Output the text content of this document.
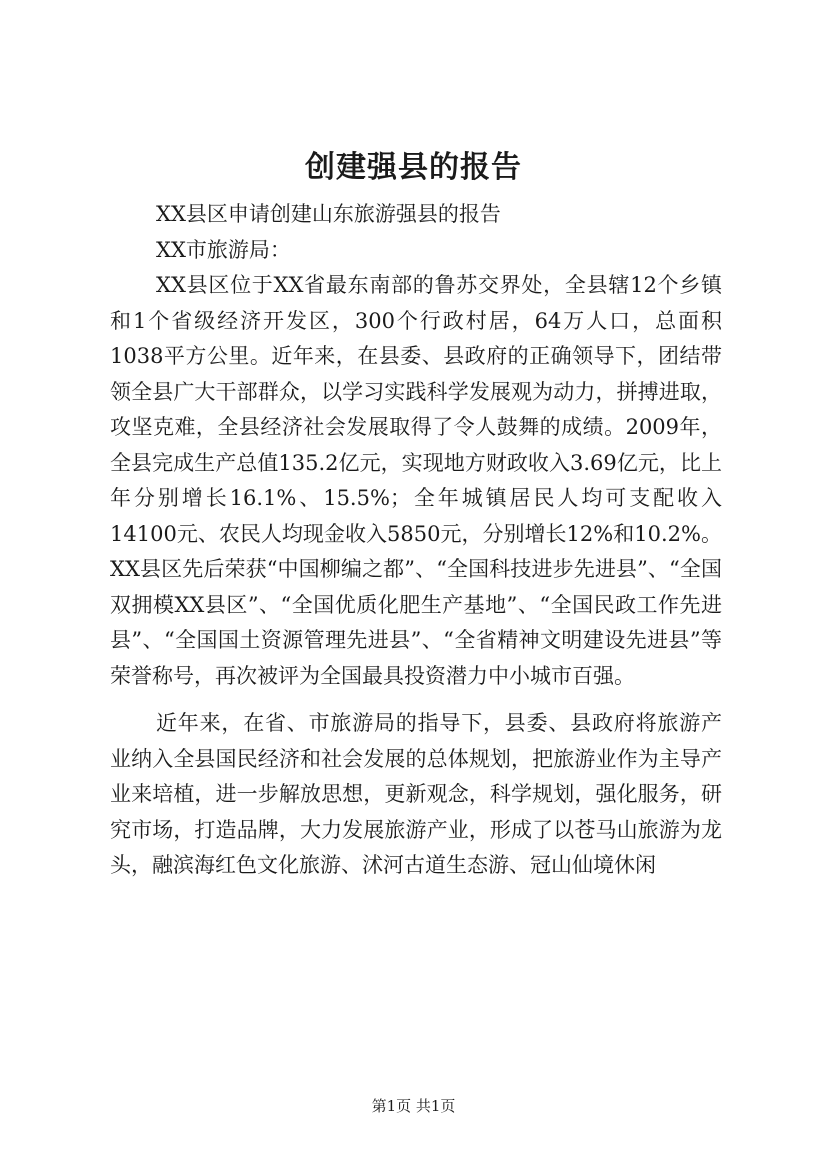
创建强县的报告

XX县区申请创建山东旅游强县的报告

XX市旅游局：

XX县区位于XX省最东南部的鲁苏交界处，全县辖12个乡镇和1个省级经济开发区，300个行政村居，64万人口，总面积1038平方公里。近年来，在县委、县政府的正确领导下，团结带领全县广大干部群众，以学习实践科学发展观为动力，拼搏进取，攻坚克难，全县经济社会发展取得了令人鼓舞的成绩。2009年，全县完成生产总值135.2亿元，实现地方财政收入3.69亿元，比上年分别增长16.1%、15.5%；全年城镇居民人均可支配收入14100元、农民人均现金收入5850元，分别增长12%和10.2%。XX县区先后荣获“中国柳编之都”、“全国科技进步先进县”、“全国双拥模XX县区”、“全国优质化肥生产基地”、“全国民政工作先进县”、“全国国土资源管理先进县”、“全省精神文明建设先进县”等荣誉称号，再次被评为全国最具投资潜力中小城市百强。

近年来，在省、市旅游局的指导下，县委、县政府将旅游产业纳入全县国民经济和社会发展的总体规划，把旅游业作为主导产业来培植，进一步解放思想，更新观念，科学规划，强化服务，研究市场，打造品牌，大力发展旅游产业，形成了以苍马山旅游为龙头，融滨海红色文化旅游、沭河古道生态游、冠山仙境休闲

第1页 共1页
